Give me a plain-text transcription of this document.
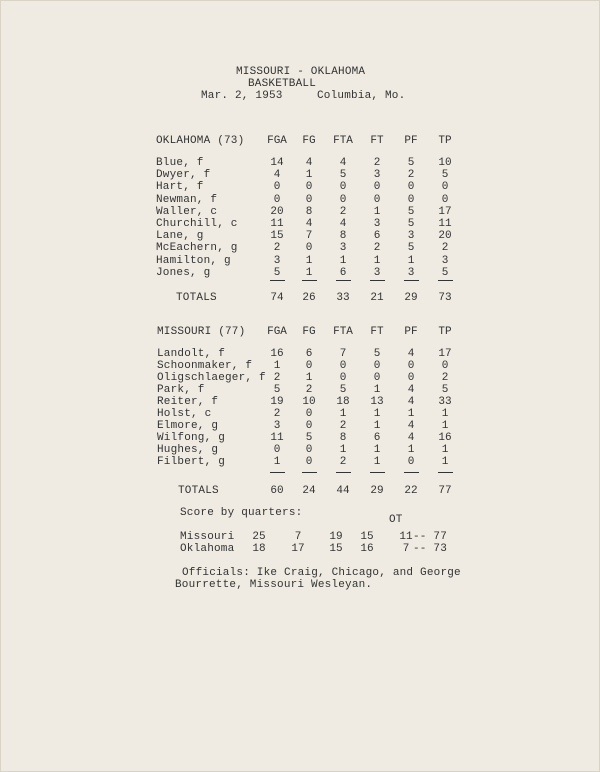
MISSOURI - OKLAHOMA
BASKETBALL
Mar. 2, 1953	Columbia, Mo.
OKLAHOMA (73)	FGA	FG	FTA	FT	PF	TP
Blue, f	14	4	4	2	5	10
Dwyer, f	4	1	5	3	2	5
Hart, f	0	0	0	0	0	0
Newman, f	0	0	0	0	0	0
Waller, c	20	8	2	1	5	17
Churchill, c	11	4	4	3	5	11
Lane, g	15	7	8	6	3	20
McEachern, g	2	0	3	2	5	2
Hamilton, g	3	1	1	1	1	3
Jones, g	5	1	6	3	3	5
TOTALS	74	26	33	21	29	73
MISSOURI (77)	FGA	FG	FTA	FT	PF	TP
Landolt, f	16	6	7	5	4	17
Schoonmaker, f	1	0	0	0	0	0
Oligschlaeger, f 2	1	0	0	0	2
Park, f	5	2	5	1	4	5
Reiter, f	19	10	18	13	4	33
Holst, c	2	0	1	1	1	1
Elmore, g	3	0	2	1	4	1
Wilfong, g	11	5	8	6	4	16
Hughes, g	0	0	1	1	1	1
Filbert, g	1	0	2	1	0	1
TOTALS	60	24	44	29	22	77
Score by quarters:
OT
Missouri	25	7	19	15	11 -- 77
Oklahoma	18	17	15	16	7 -- 73
Officials: Ike Craig, Chicago, and George
Bourrette, Missouri Wesleyan.
